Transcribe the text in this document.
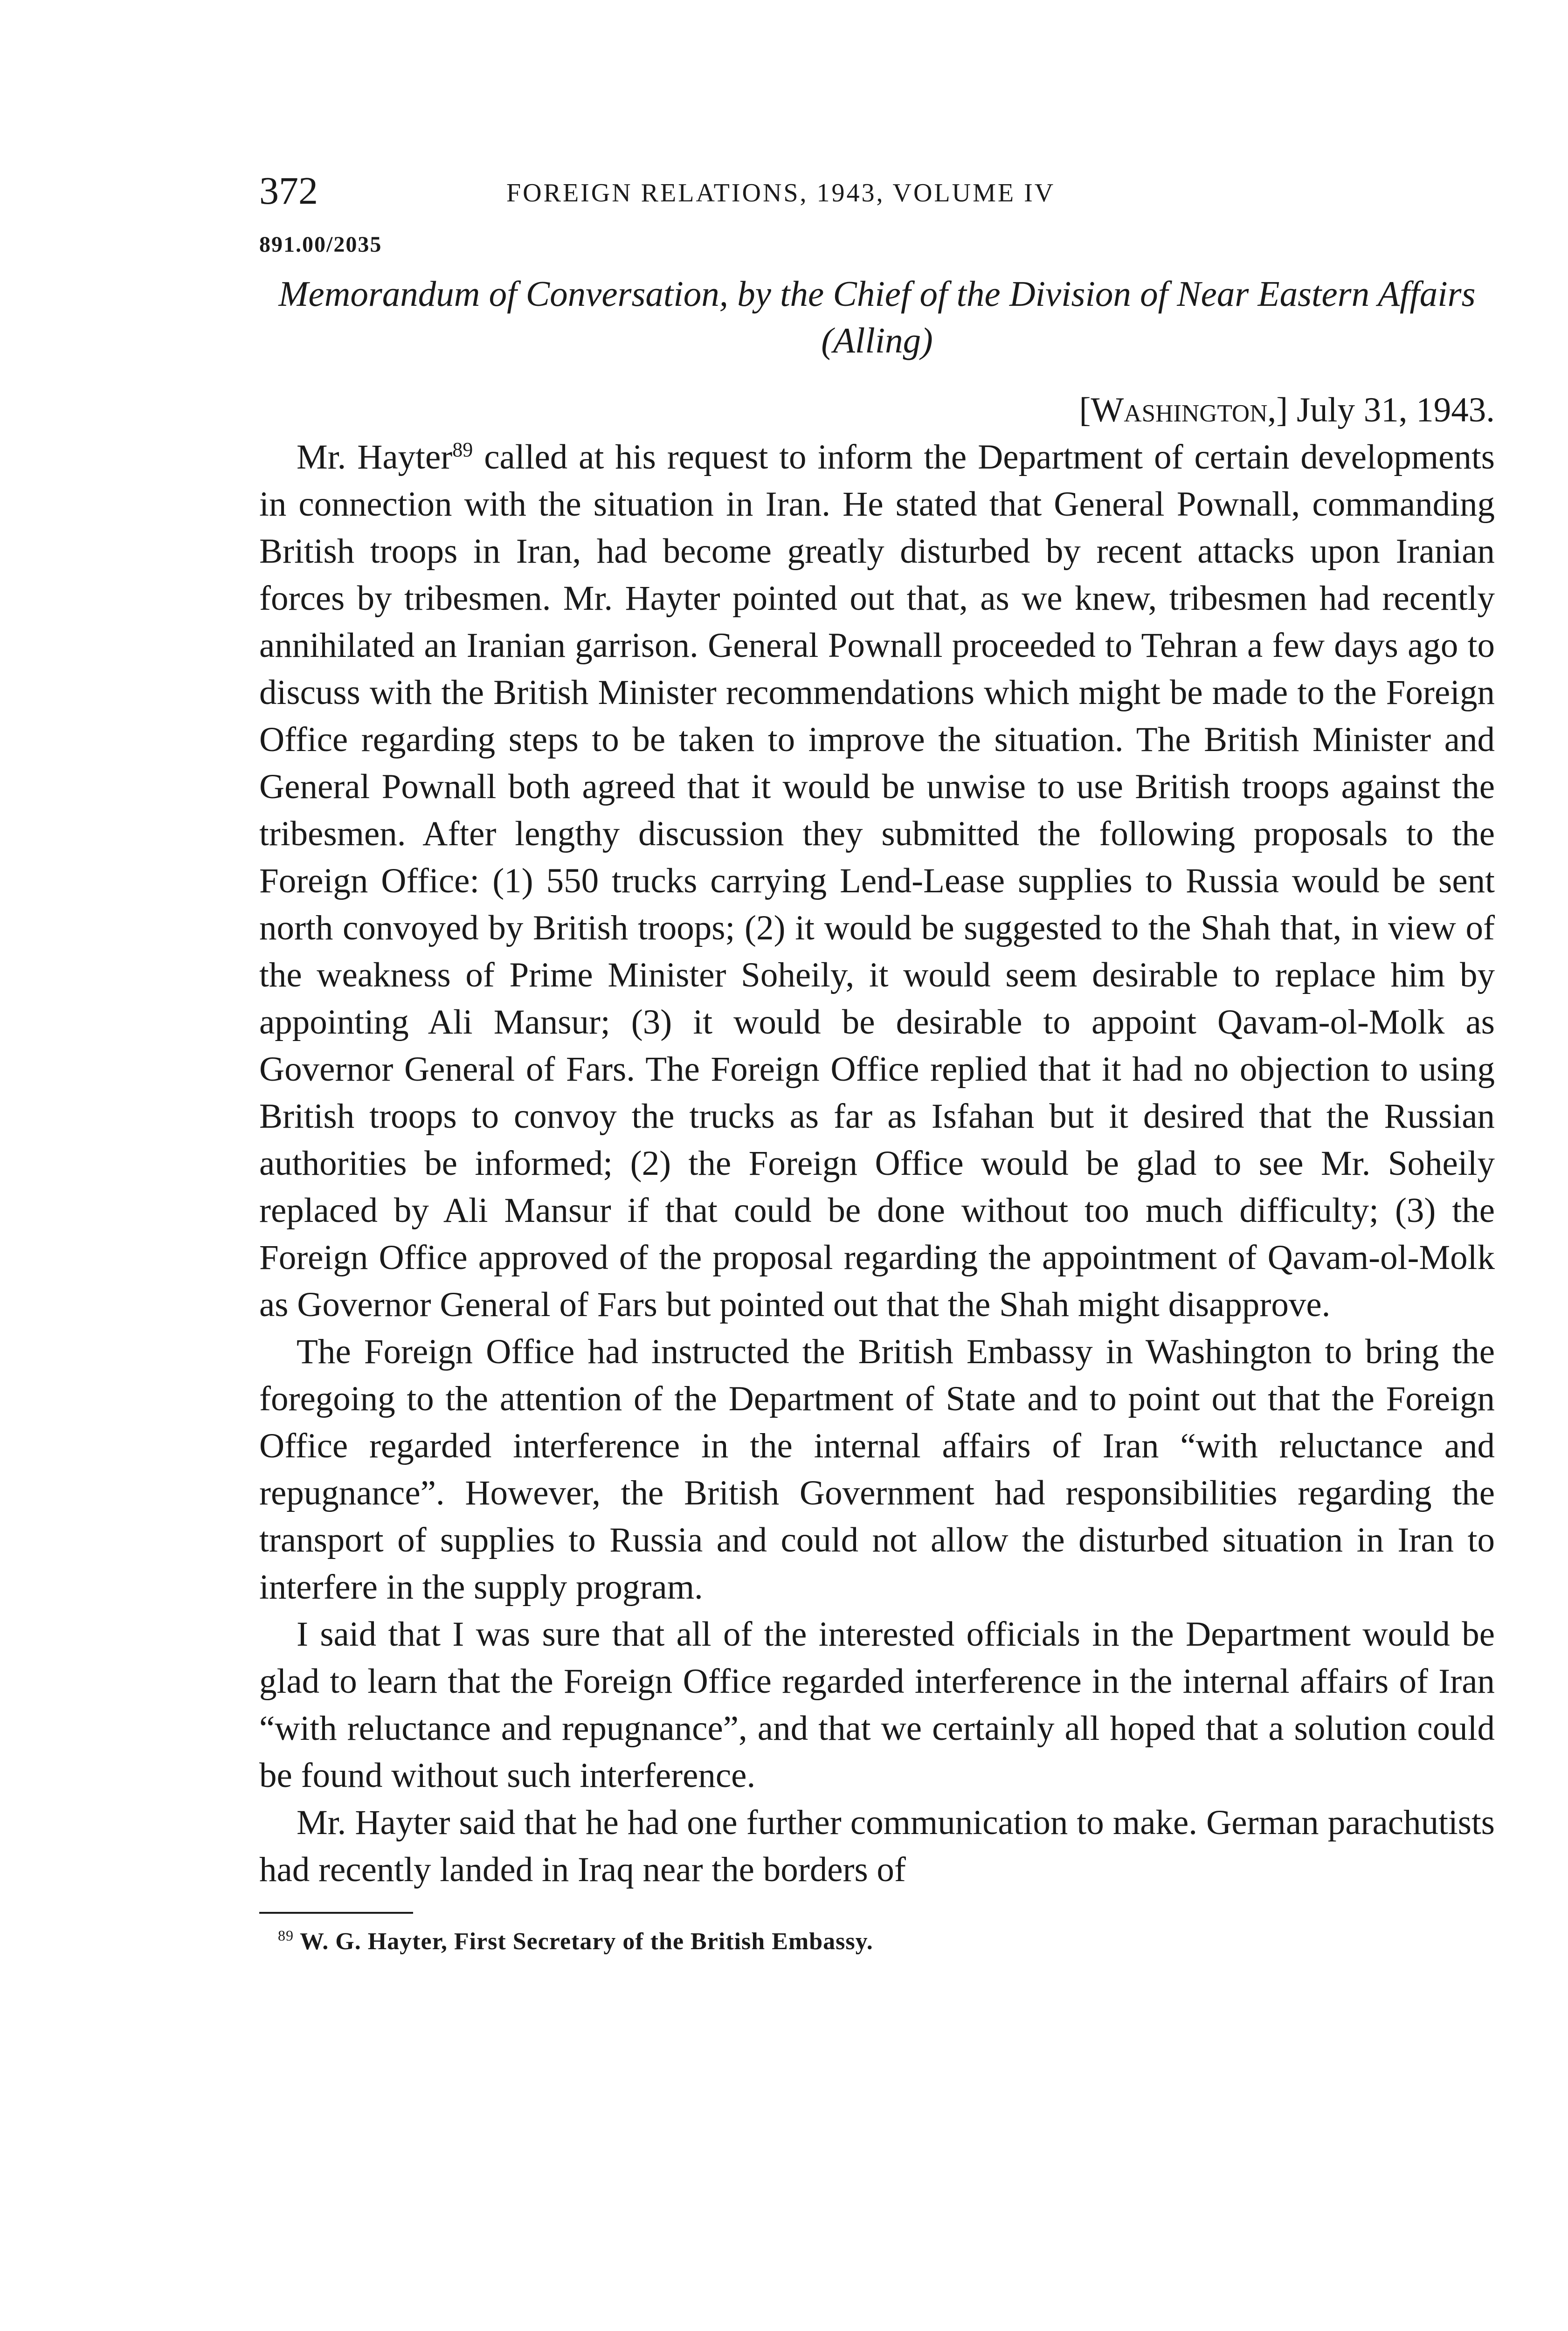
372	FOREIGN RELATIONS, 1943, VOLUME IV
891.00/2035
Memorandum of Conversation, by the Chief of the Division of Near Eastern Affairs (Alling)
[Washington,] July 31, 1943.

Mr. Hayter$^{89}$ called at his request to inform the Department of certain developments in connection with the situation in Iran. He stated that General Pownall, commanding British troops in Iran, had become greatly disturbed by recent attacks upon Iranian forces by tribesmen. Mr. Hayter pointed out that, as we knew, tribesmen had recently annihilated an Iranian garrison. General Pownall proceeded to Tehran a few days ago to discuss with the British Minister recommendations which might be made to the Foreign Office regarding steps to be taken to improve the situation. The British Minister and General Pownall both agreed that it would be unwise to use British troops against the tribesmen. After lengthy discussion they submitted the following proposals to the Foreign Office: (1) 550 trucks carrying Lend-Lease supplies to Russia would be sent north convoyed by British troops; (2) it would be suggested to the Shah that, in view of the weakness of Prime Minister Soheily, it would seem desirable to replace him by appointing Ali Mansur; (3) it would be desirable to appoint Qavam-ol-Molk as Governor General of Fars. The Foreign Office replied that it had no objection to using British troops to convoy the trucks as far as Isfahan but it desired that the Russian authorities be informed; (2) the Foreign Office would be glad to see Mr. Soheily replaced by Ali Mansur if that could be done without too much difficulty; (3) the Foreign Office approved of the proposal regarding the appointment of Qavam-ol-Molk as Governor General of Fars but pointed out that the Shah might disapprove.

The Foreign Office had instructed the British Embassy in Washington to bring the foregoing to the attention of the Department of State and to point out that the Foreign Office regarded interference in the internal affairs of Iran “with reluctance and repugnance”. However, the British Government had responsibilities regarding the transport of supplies to Russia and could not allow the disturbed situation in Iran to interfere in the supply program.

I said that I was sure that all of the interested officials in the Department would be glad to learn that the Foreign Office regarded interference in the internal affairs of Iran “with reluctance and repugnance”, and that we certainly all hoped that a solution could be found without such interference.

Mr. Hayter said that he had one further communication to make. German parachutists had recently landed in Iraq near the borders of

$^{89}$ W. G. Hayter, First Secretary of the British Embassy.
